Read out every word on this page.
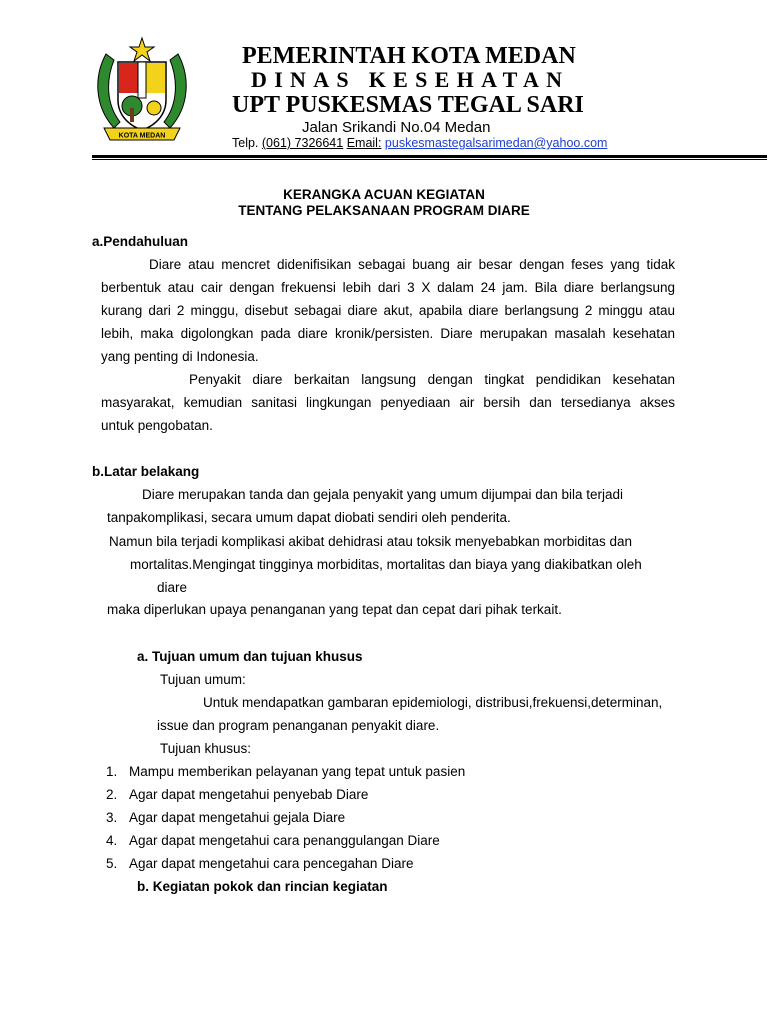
KOTA MEDAN
PEMERINTAH KOTA MEDAN
DINAS KESEHATAN
UPT PUSKESMAS TEGAL SARI
Jalan Srikandi No.04 Medan
Telp. (061) 7326641 Email: puskesmastegalsarimedan@yahoo.com
KERANGKA ACUAN KEGIATAN
TENTANG PELAKSANAAN PROGRAM DIARE
a.Pendahuluan
Diare atau mencret didenifisikan sebagai buang air besar dengan feses yang tidak
berbentuk atau cair dengan frekuensi lebih dari 3 X dalam 24 jam. Bila diare berlangsung
kurang dari 2 minggu, disebut sebagai diare akut, apabila diare berlangsung 2 minggu atau
lebih, maka digolongkan pada diare kronik/persisten. Diare merupakan masalah kesehatan
yang penting di Indonesia.
Penyakit diare berkaitan langsung dengan tingkat pendidikan kesehatan
masyarakat, kemudian sanitasi lingkungan penyediaan air bersih dan tersedianya akses
untuk pengobatan.
b.Latar belakang
Diare merupakan tanda dan gejala penyakit yang umum dijumpai dan bila terjadi
tanpakomplikasi, secara umum dapat diobati sendiri oleh penderita.
Namun bila terjadi komplikasi akibat dehidrasi atau toksik menyebabkan morbiditas dan
mortalitas.Mengingat tingginya morbiditas, mortalitas dan biaya yang diakibatkan oleh
diare
maka diperlukan upaya penanganan yang tepat dan cepat dari pihak terkait.
a. Tujuan umum dan tujuan khusus
Tujuan umum:
Untuk mendapatkan gambaran epidemiologi, distribusi,frekuensi,determinan,
issue dan program penanganan penyakit diare.
Tujuan khusus:
1. Mampu memberikan pelayanan yang tepat untuk pasien
2. Agar dapat mengetahui penyebab Diare
3. Agar dapat mengetahui gejala Diare
4. Agar dapat mengetahui cara penanggulangan Diare
5. Agar dapat mengetahui cara pencegahan Diare
b. Kegiatan pokok dan rincian kegiatan
